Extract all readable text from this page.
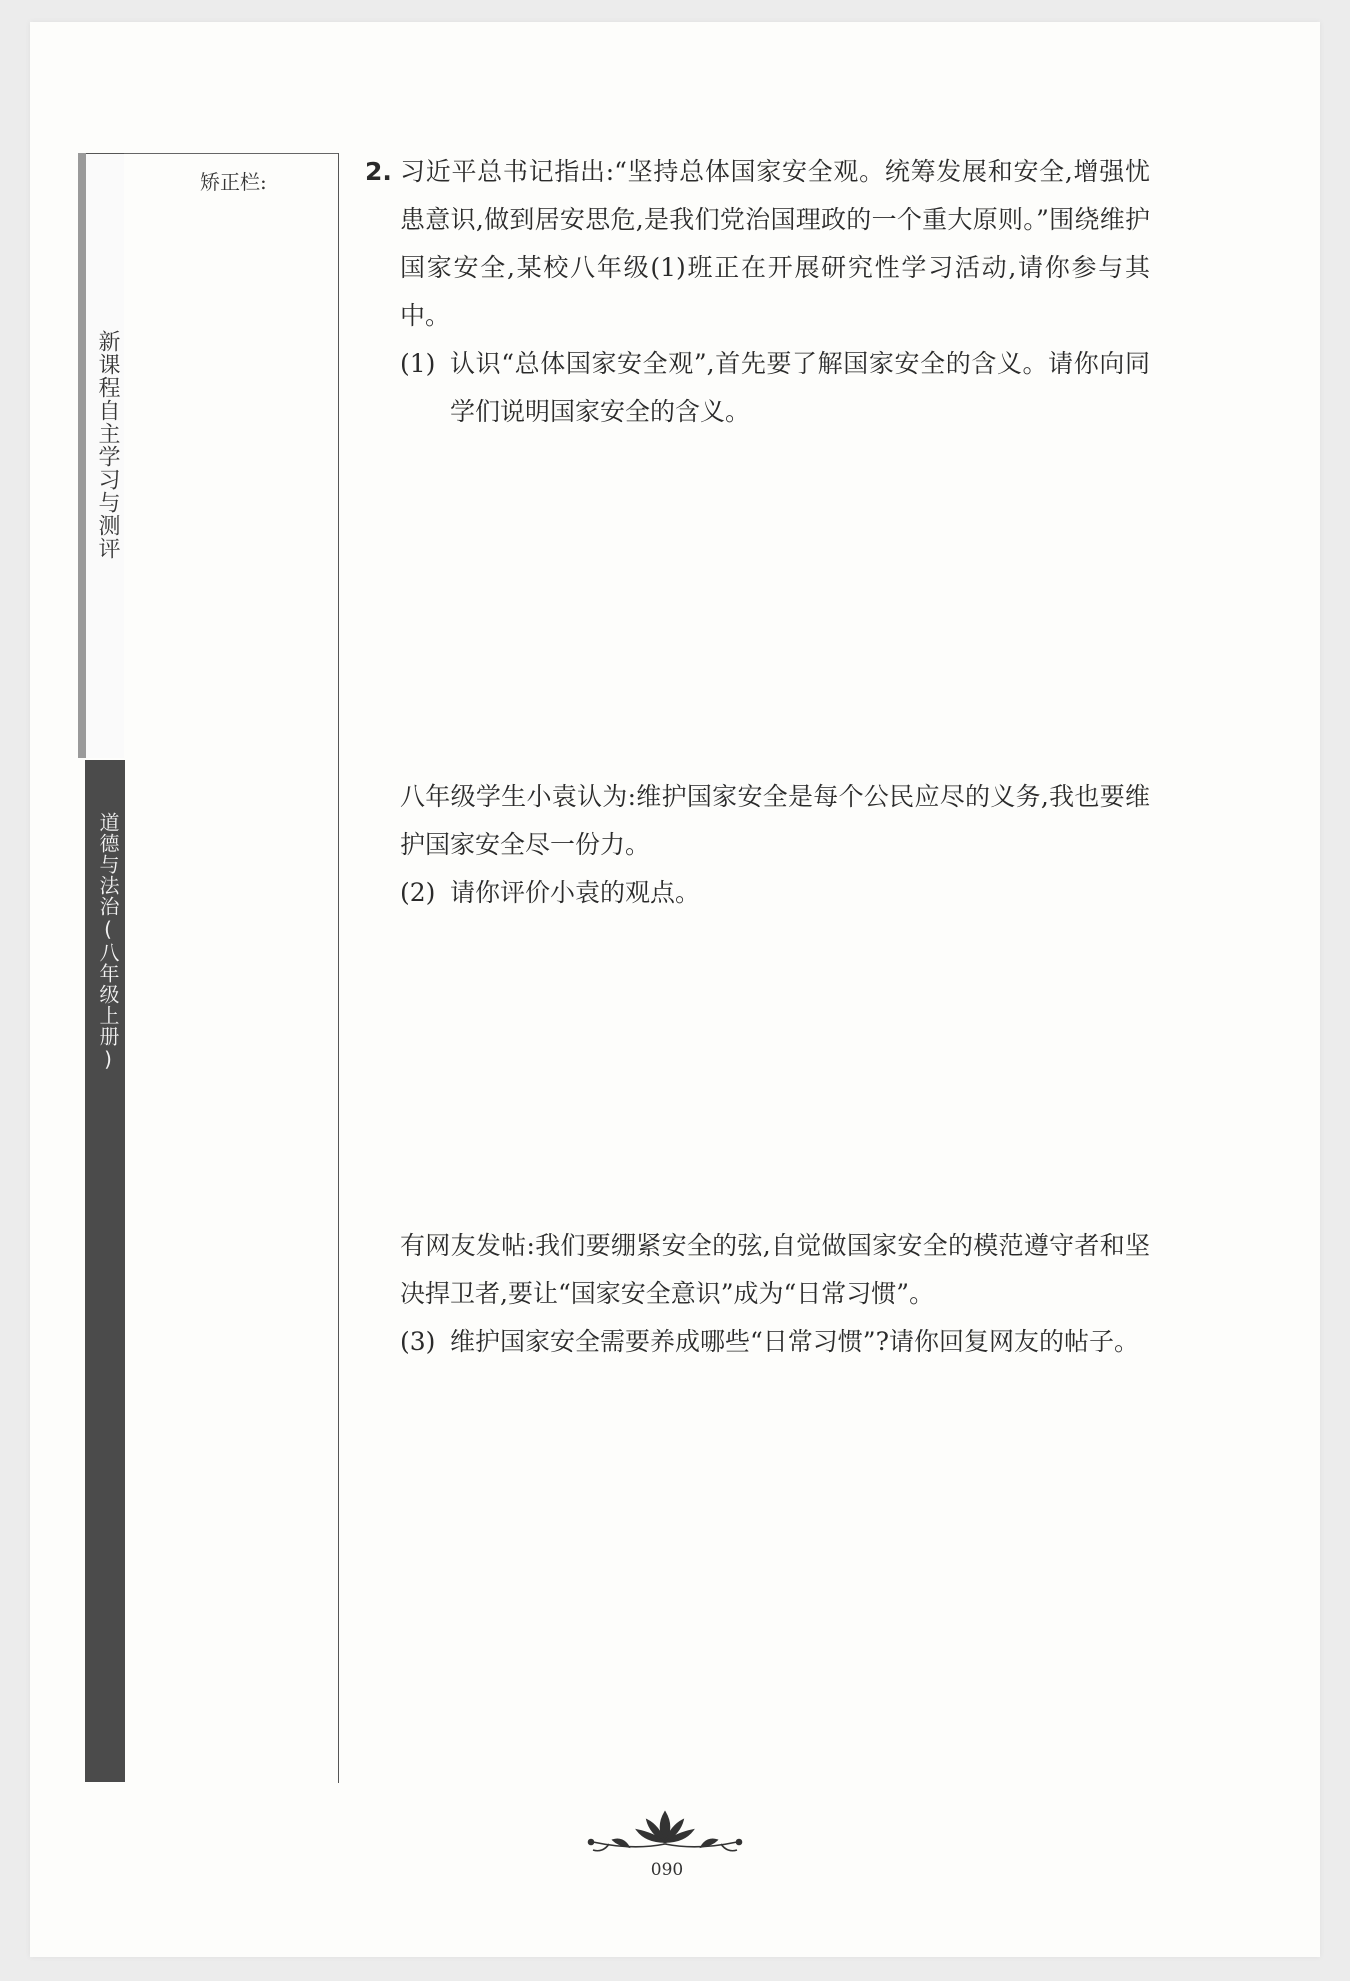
新课程自主学习与测评
道德与法治(八年级上册)
矫正栏:	2. 习近平总书记指出:“坚持总体国家安全观。统筹发展和安全,增强忧患意识,做到居安思危,是我们党治国理政的一个重大原则。”围绕维护国家安全,某校八年级(1)班正在开展研究性学习活动,请你参与其中。
(1) 认识“总体国家安全观”,首先要了解国家安全的含义。请你向同学们说明国家安全的含义。
八年级学生小袁认为:维护国家安全是每个公民应尽的义务,我也要维护国家安全尽一份力。
(2) 请你评价小袁的观点。
有网友发帖:我们要绷紧安全的弦,自觉做国家安全的模范遵守者和坚决捍卫者,要让“国家安全意识”成为“日常习惯”。
(3) 维护国家安全需要养成哪些“日常习惯”?请你回复网友的帖子。
090
